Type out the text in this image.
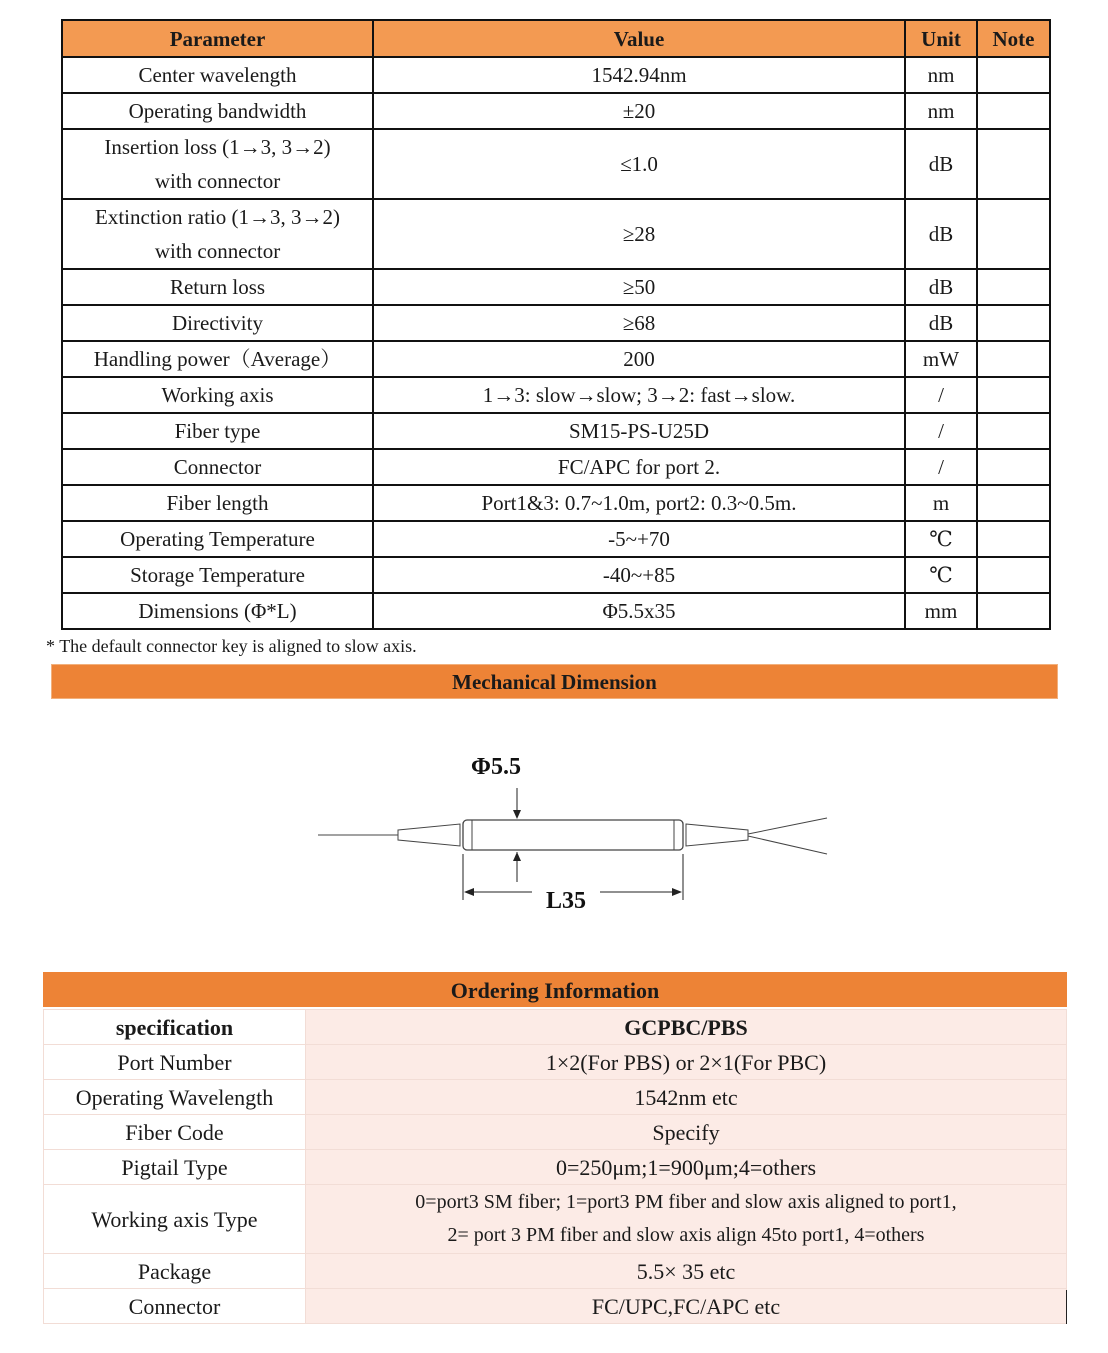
Parameter	Value	Unit	Note
Center wavelength	1542.94nm	nm	
Operating bandwidth	±20	nm	

Insertion loss (1→3, 3→2)
with connector	≤1.0	dB	

Extinction ratio (1→3, 3→2)
with connector	≥28	dB	
Return loss	≥50	dB	
Directivity	≥68	dB	
Handling power（Average）	200	mW	
Working axis	1→3: slow→slow; 3→2: fast→slow.	/	
Fiber type	SM15-PS-U25D	/	
Connector	FC/APC for port 2.	/	
Fiber length	Port1&3: 0.7~1.0m, port2: 0.3~0.5m.	m	
Operating Temperature	-5~+70	℃	
Storage Temperature	-40~+85	℃	
Dimensions (Φ*L)	Φ5.5x35	mm	
* The default connector key is aligned to slow axis.
Mechanical Dimension
Φ5.5
L35
Ordering Information
specification	GCPBC/PBS
Port Number	1×2(For PBS) or 2×1(For PBC)
Operating Wavelength	1542nm etc
Fiber Code	Specify
Pigtail Type	0=250μm;1=900μm;4=others
Working axis Type	0=port3 SM fiber; 1=port3 PM fiber and slow axis aligned to port1,
2= port 3 PM fiber and slow axis align 45to port1, 4=others

Package	5.5× 35 etc
Connector	FC/UPC,FC/APC etc
